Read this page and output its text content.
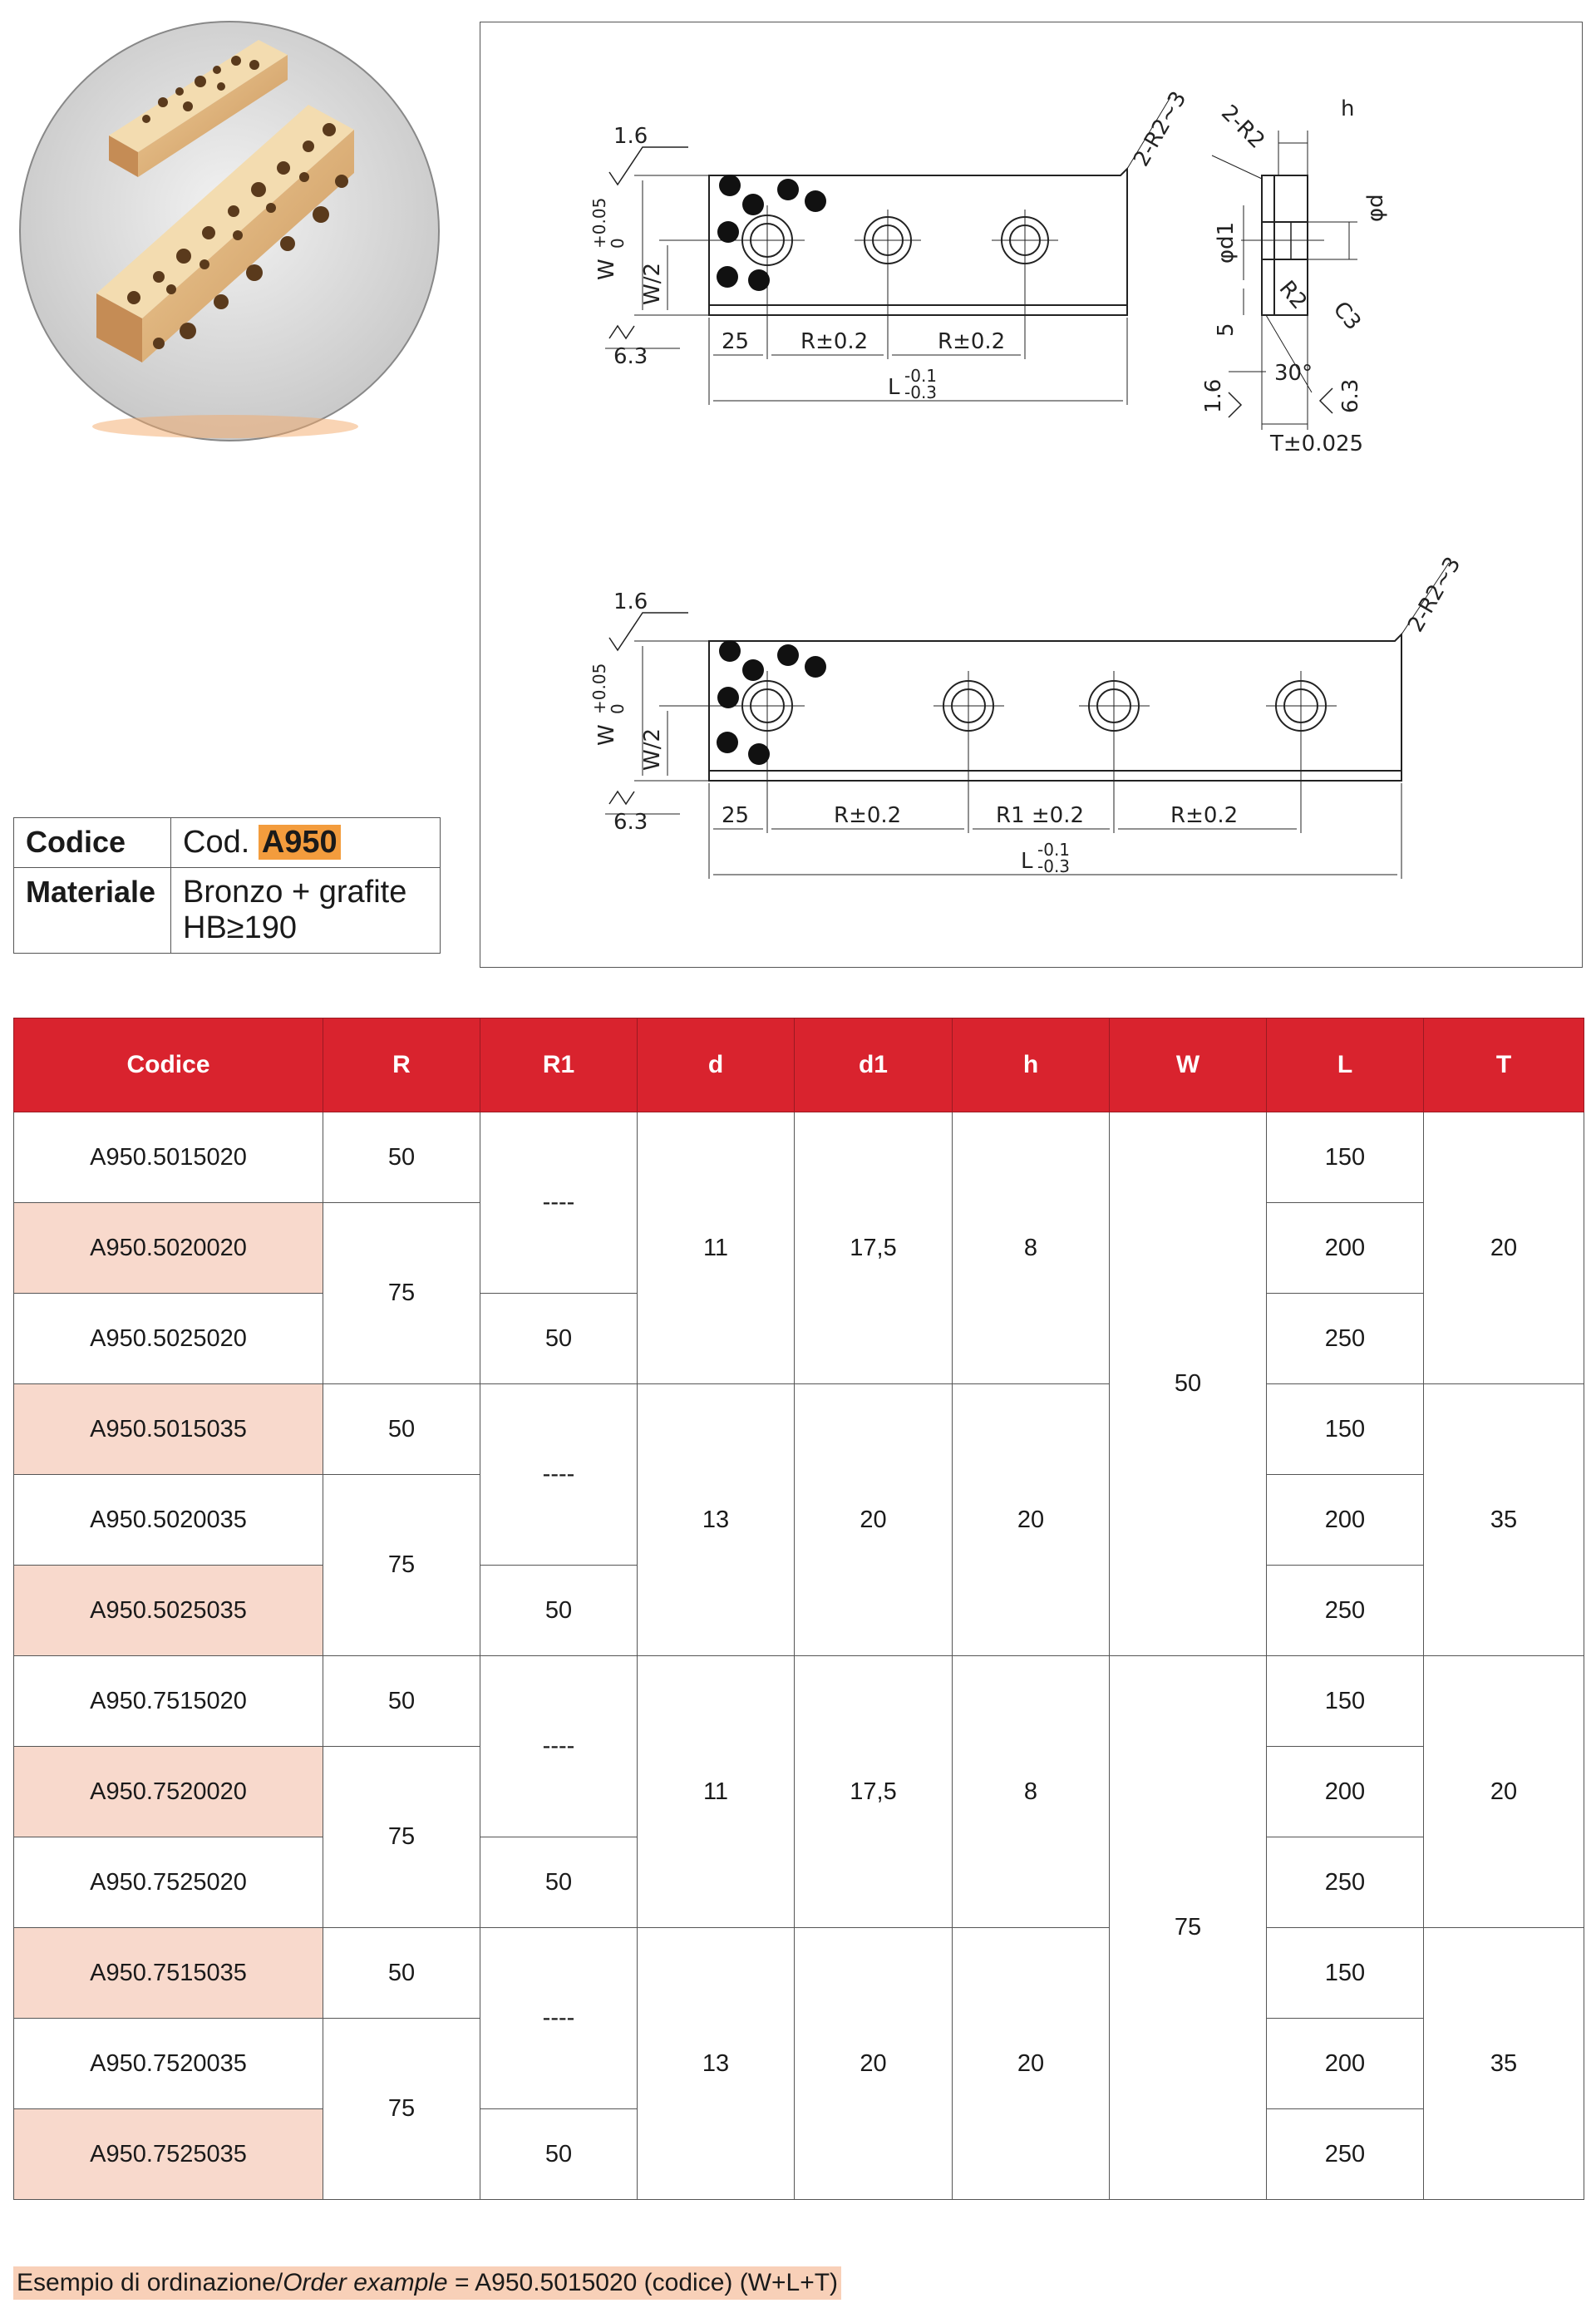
Codice	Cod. A950
Materiale	Bronzo + grafite
HB≥190
1.6
6.3
2-R2~3
W
+0.05
0
W/2
25 R±0.2	R±0.2
L -0.1
-0.3
h
2-R2
φd
φd1
R2
C3
5
30°
1.6	6.3
T±0.025
1.6
6.3
2-R2~3
W
+0.05
0
W/2
25	R±0.2	R1 ±0.2	R±0.2
L -0.1
-0.3
Codice	R	R1	d	d1	h	W	L	T
A950.5015020	50	----	11	17,5	8	50	150	20
A950.5020020	75						200	
A950.5025020		50					250	
A950.5015035	50	----	13	20	20		150	35
A950.5020035	75						200	
A950.5025035		50					250	
A950.7515020	50	----	11	17,5	8	75	150	20
A950.7520020	75						200	
A950.7525020		50					250	
A950.7515035	50	----	13	20	20		150	35
A950.7520035	75						200	
A950.7525035		50					250	
Esempio di ordinazione/Order example = A950.5015020 (codice) (W+L+T)
